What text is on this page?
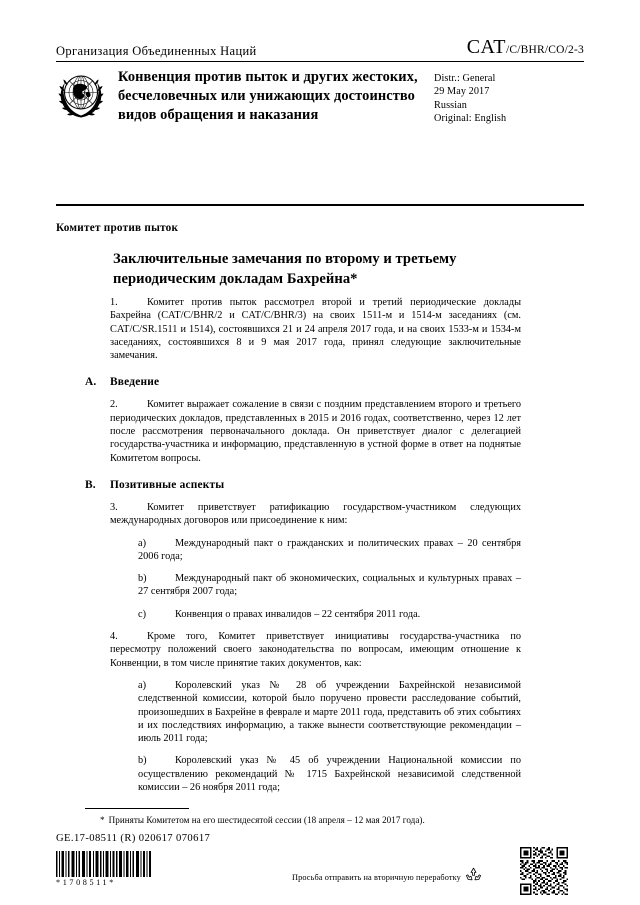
Организация Объединенных Наций	CAT/C/BHR/CO/2-3
Конвенция против пыток и других жестоких, бесчеловечных или унижающих достоинство видов обращения и наказания
Distr.: General
29 May 2017
Russian
Original: English
Комитет против пыток
Заключительные замечания по второму и третьему периодическим докладам Бахрейна*
1.	Комитет против пыток рассмотрел второй и третий периодические доклады Бахрейна (CAT/C/BHR/2 и CAT/C/BHR/3) на своих 1511-м и 1514-м заседаниях (см. CAT/C/SR.1511 и 1514), состоявшихся 21 и 24 апреля 2017 года, и на своих 1533-м и 1534-м заседаниях, состоявшихся 8 и 9 мая 2017 года, принял следующие заключительные замечания.
A. Введение
2.	Комитет выражает сожаление в связи с поздним представлением второго и третьего периодических докладов, представленных в 2015 и 2016 годах, соответственно, через 12 лет после рассмотрения первоначального доклада. Он приветствует диалог с делегацией государства-участника и информацию, представленную в устной форме в ответ на поднятые Комитетом вопросы.
B. Позитивные аспекты
3.	Комитет приветствует ратификацию государством-участником следующих международных договоров или присоединение к ним:
a)	Международный пакт о гражданских и политических правах – 20 сентября 2006 года;
b)	Международный пакт об экономических, социальных и культурных правах – 27 сентября 2007 года;
c)	Конвенция о правах инвалидов – 22 сентября 2011 года.
4.	Кроме того, Комитет приветствует инициативы государства-участника по пересмотру положений своего законодательства по вопросам, имеющим отношение к Конвенции, в том числе принятие таких документов, как:
a)	Королевский указ № 28 об учреждении Бахрейнской независимой следственной комиссии, которой было поручено провести расследование событий, произошедших в Бахрейне в феврале и марте 2011 года, представить об этих событиях и их последствиях информацию, а также вынести соответствующие рекомендации – июль 2011 года;
b)	Королевский указ № 45 об учреждении Национальной комиссии по осуществлению рекомендаций № 1715 Бахрейнской независимой следственной комиссии – 26 ноября 2011 года;
* Приняты Комитетом на его шестидесятой сессии (18 апреля – 12 мая 2017 года).
GE.17-08511 (R) 020617 070617
*1708511*
Просьба отправить на вторичную переработку
